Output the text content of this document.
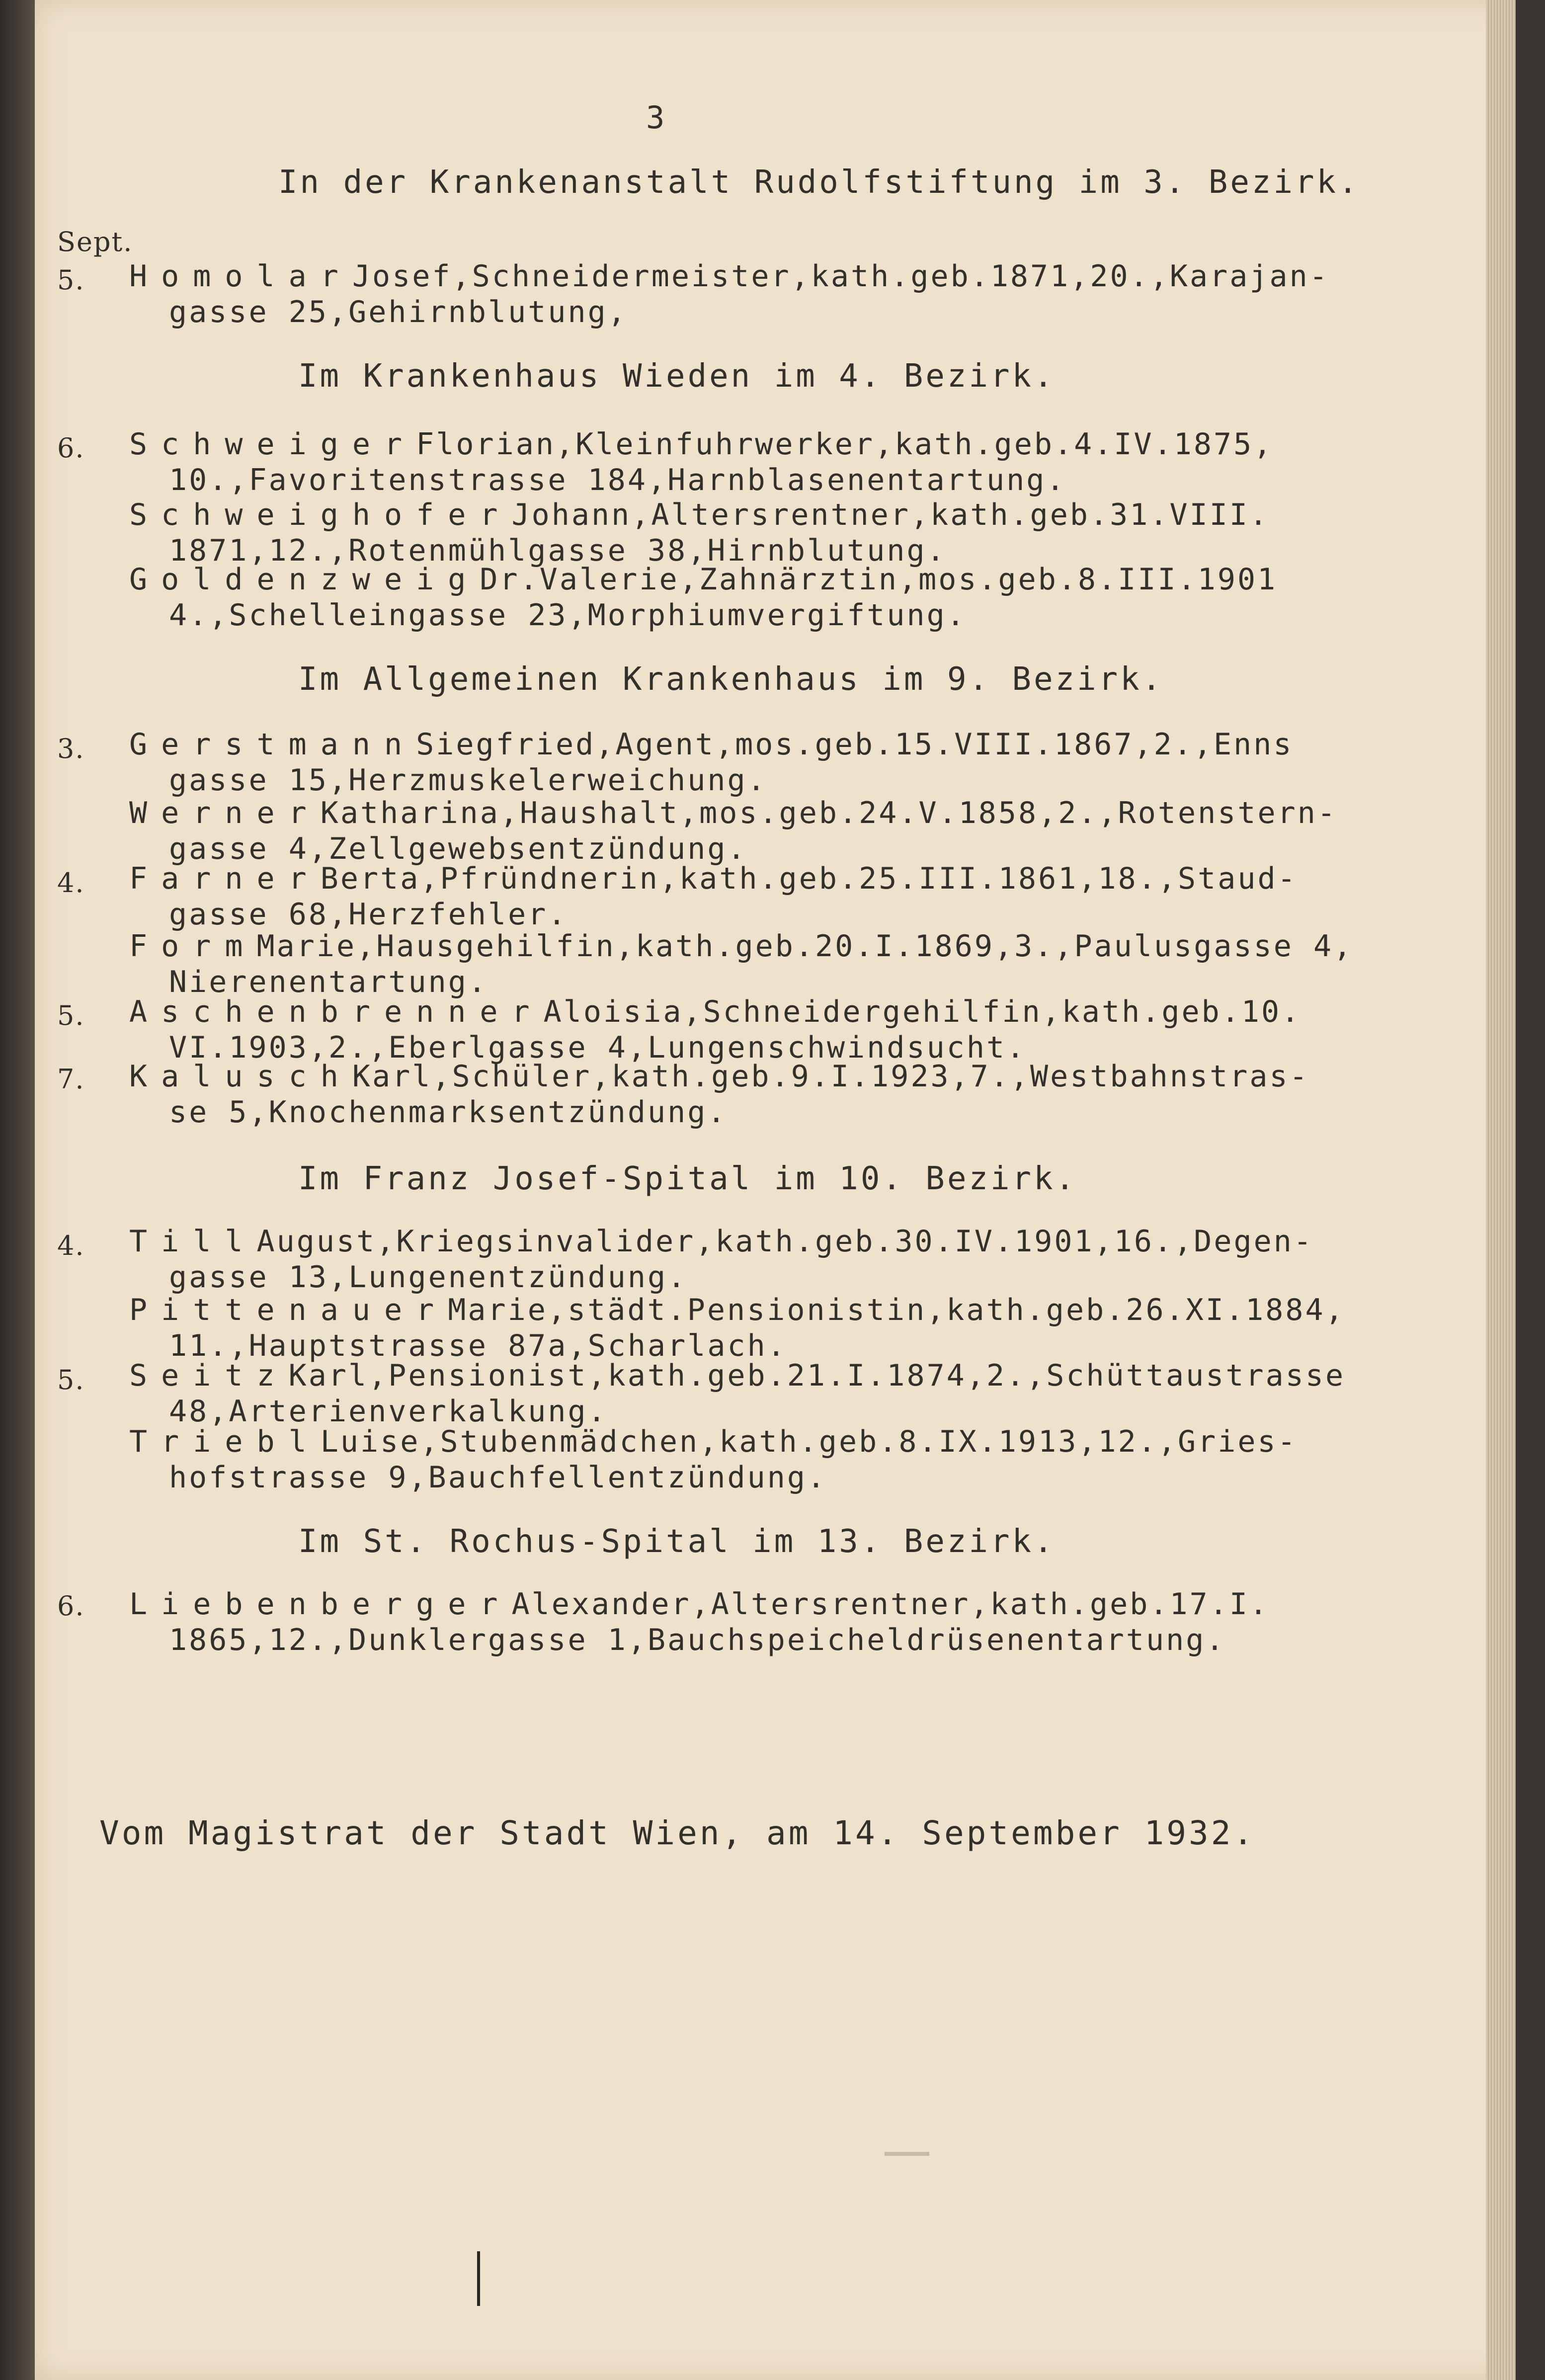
3
In der Krankenanstalt Rudolfstiftung im 3. Bezirk.
Sept.
5. HomolarJosef,Schneidermeister,kath.geb.1871,20.,Karajan-
gasse 25,Gehirnblutung,
Im Krankenhaus Wieden im 4. Bezirk.
6. SchweigerFlorian,Kleinfuhrwerker,kath.geb.4.IV.1875,
10.,Favoritenstrasse 184,Harnblasenentartung.
SchweighoferJohann,Altersrentner,kath.geb.31.VIII.
1871,12.,Rotenmühlgasse 38,Hirnblutung.
GoldenzweigDr.Valerie,Zahnärztin,mos.geb.8.III.1901
4.,Schelleingasse 23,Morphiumvergiftung.
Im Allgemeinen Krankenhaus im 9. Bezirk.
3. GerstmannSiegfried,Agent,mos.geb.15.VIII.1867,2.,Enns
gasse 15,Herzmuskelerweichung.
WernerKatharina,Haushalt,mos.geb.24.V.1858,2.,Rotenstern-
gasse 4,Zellgewebsentzündung.
4. FarnerBerta,Pfründnerin,kath.geb.25.III.1861,18.,Staud-
gasse 68,Herzfehler.
FormMarie,Hausgehilfin,kath.geb.20.I.1869,3.,Paulusgasse 4,
Nierenentartung.
5. AschenbrennerAloisia,Schneidergehilfin,kath.geb.10.
VI.1903,2.,Eberlgasse 4,Lungenschwindsucht.
7. KaluschKarl,Schüler,kath.geb.9.I.1923,7.,Westbahnstras-
se 5,Knochenmarksentzündung.
Im Franz Josef-Spital im 10. Bezirk.
4. TillAugust,Kriegsinvalider,kath.geb.30.IV.1901,16.,Degen-
gasse 13,Lungenentzündung.
PittenauerMarie,städt.Pensionistin,kath.geb.26.XI.1884,
11.,Hauptstrasse 87a,Scharlach.
5. SeitzKarl,Pensionist,kath.geb.21.I.1874,2.,Schüttaustrasse
48,Arterienverkalkung.
TrieblLuise,Stubenmädchen,kath.geb.8.IX.1913,12.,Gries-
hofstrasse 9,Bauchfellentzündung.
Im St. Rochus-Spital im 13. Bezirk.
6. LiebenbergerAlexander,Altersrentner,kath.geb.17.I.
1865,12.,Dunklergasse 1,Bauchspeicheldrüsenentartung.
Vom Magistrat der Stadt Wien, am 14. September 1932.
